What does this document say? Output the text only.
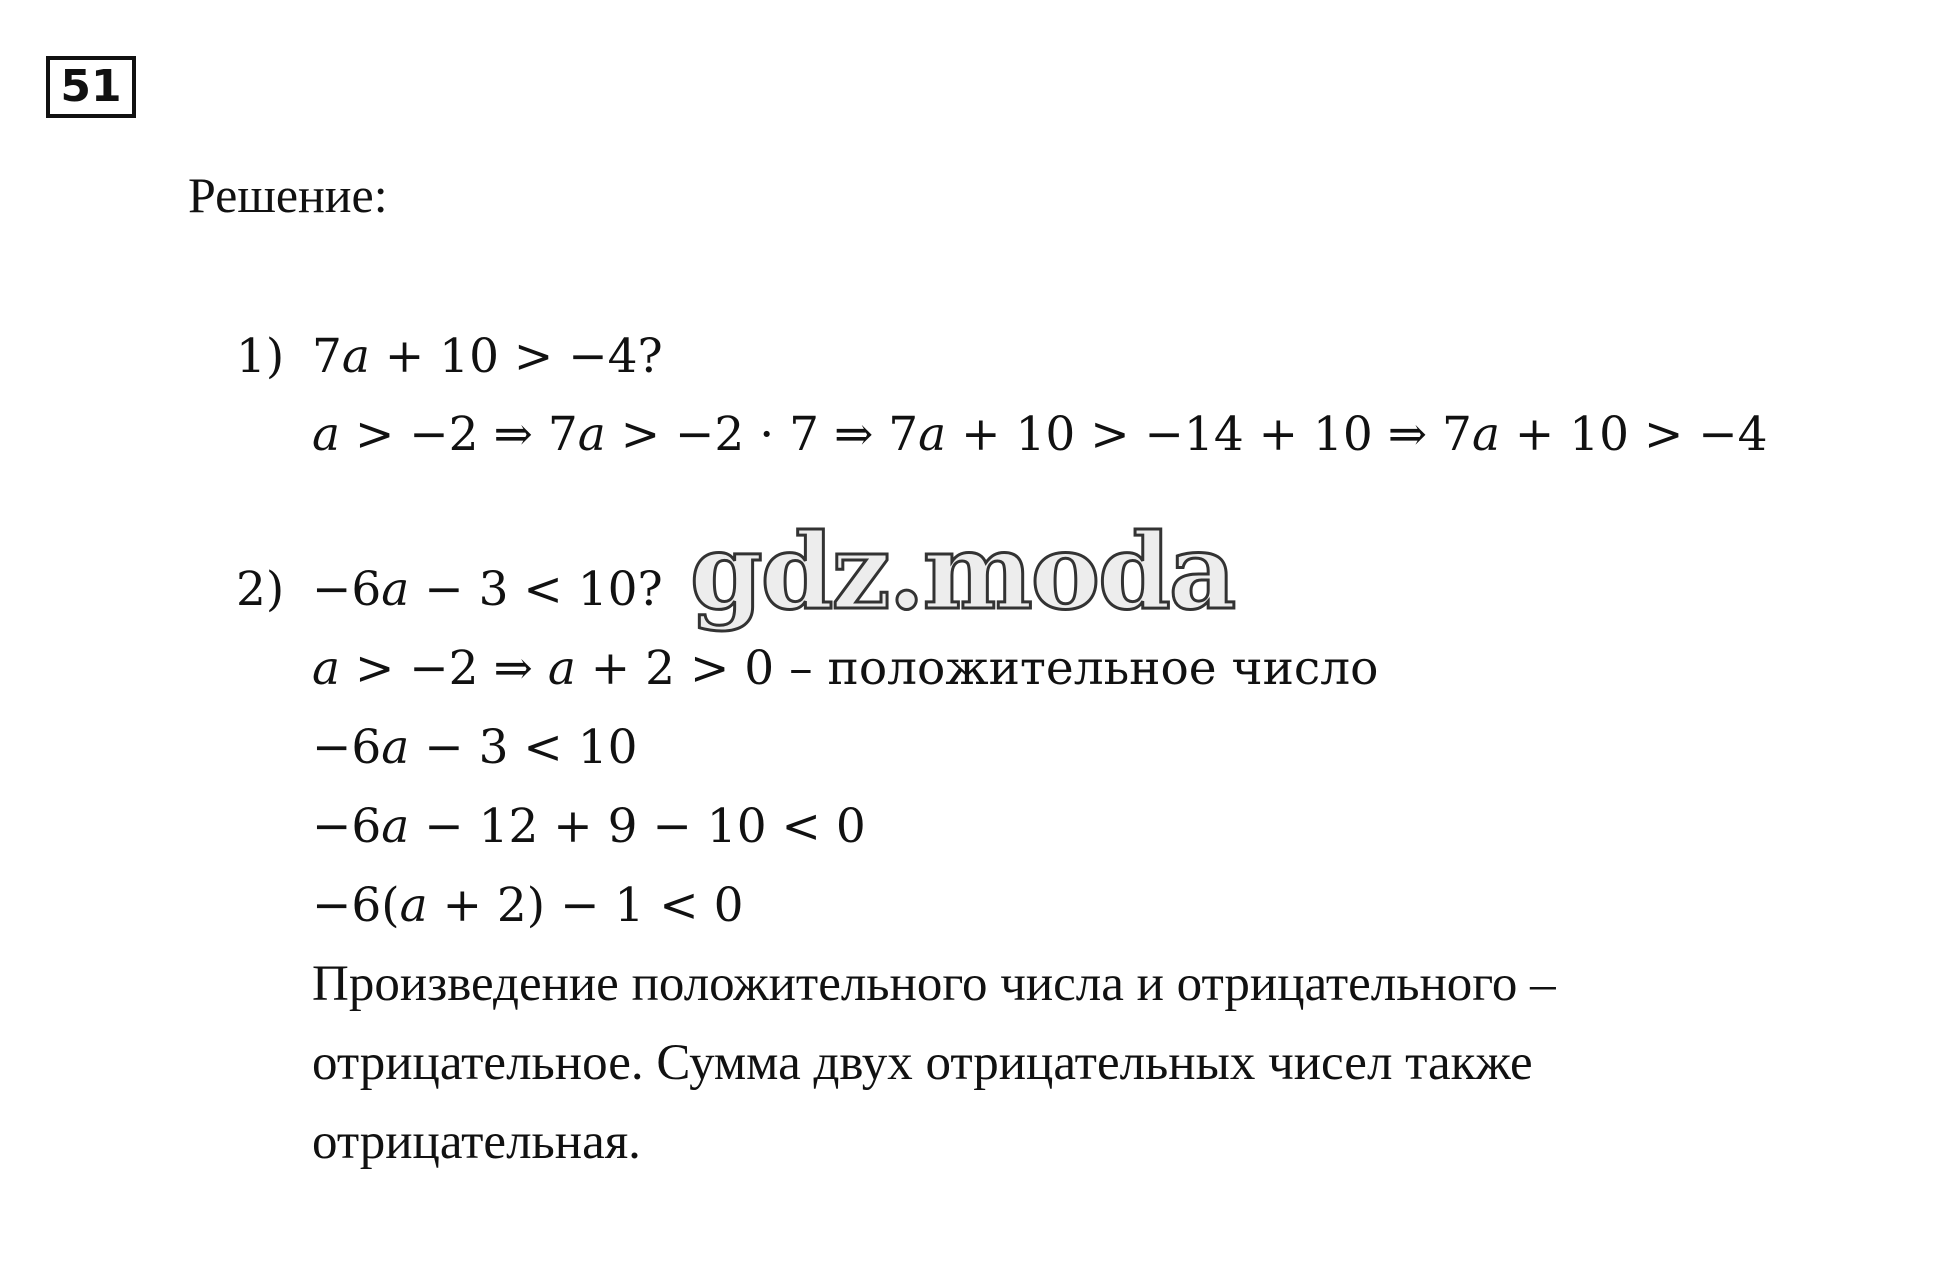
51
Решение:
1) 7𝑎 + 10 > −4?
𝑎 > −2 ⇒ 7𝑎 > −2 · 7 ⇒ 7𝑎 + 10 > −14 + 10 ⇒ 7𝑎 + 10 > −4
2) −6𝑎 − 3 < 10?
𝑎 > −2 ⇒ 𝑎 + 2 > 0 – положительное число
−6𝑎 − 3 < 10
−6𝑎 − 12 + 9 − 10 < 0
−6(𝑎 + 2) − 1 < 0
Произведение положительного числа и отрицательного –
отрицательное. Сумма двух отрицательных чисел также
отрицательная.
gdz.moda
